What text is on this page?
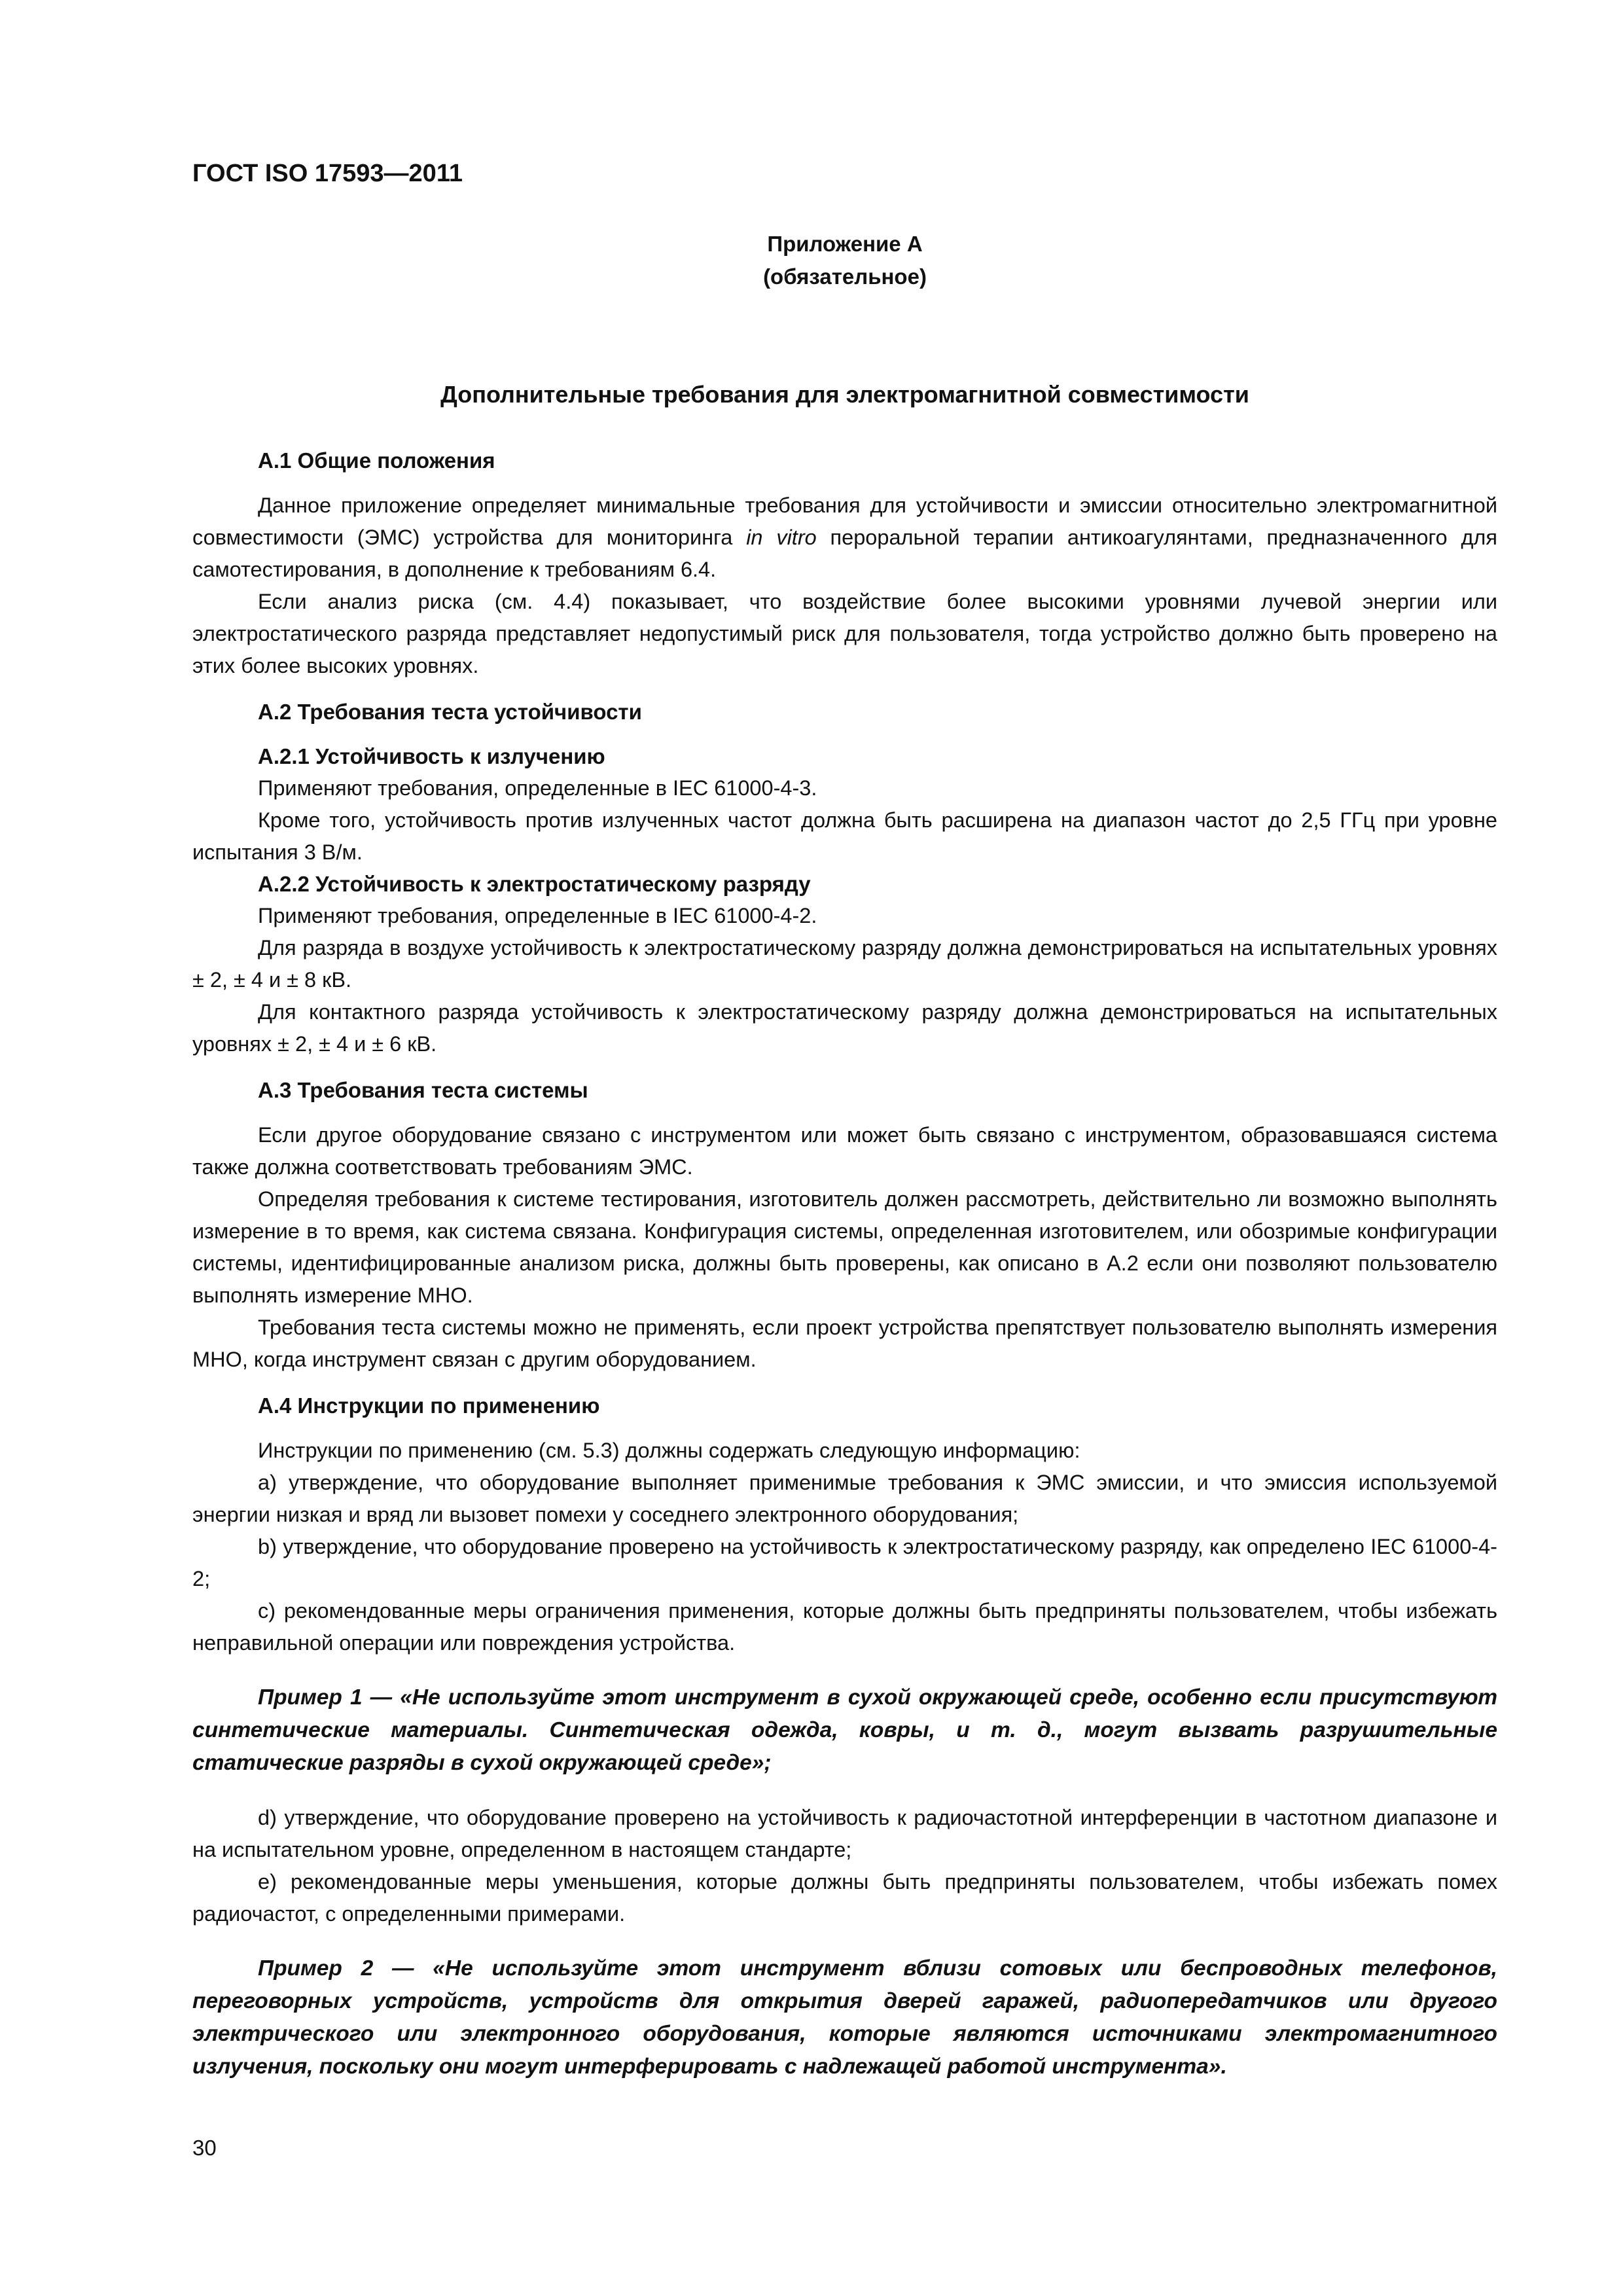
ГОСТ ISO 17593—2011
Приложение А
(обязательное)
Дополнительные требования для электромагнитной совместимости
А.1 Общие положения

Данное приложение определяет минимальные требования для устойчивости и эмиссии относительно электромагнитной совместимости (ЭМС) устройства для мониторинга in vitro пероральной терапии антикоагулянтами, предназначенного для самотестирования, в дополнение к требованиям 6.4.

Если анализ риска (см. 4.4) показывает, что воздействие более высокими уровнями лучевой энергии или электростатического разряда представляет недопустимый риск для пользователя, тогда устройство должно быть проверено на этих более высоких уровнях.

А.2 Требования теста устойчивости
А.2.1 Устойчивость к излучению

Применяют требования, определенные в IEC 61000-4-3.

Кроме того, устойчивость против излученных частот должна быть расширена на диапазон частот до 2,5 ГГц при уровне испытания 3 В/м.

А.2.2 Устойчивость к электростатическому разряду

Применяют требования, определенные в IEC 61000-4-2.

Для разряда в воздухе устойчивость к электростатическому разряду должна демонстрироваться на испытательных уровнях ± 2, ± 4 и ± 8 кВ.

Для контактного разряда устойчивость к электростатическому разряду должна демонстрироваться на испытательных уровнях ± 2, ± 4 и ± 6 кВ.

А.3 Требования теста системы

Если другое оборудование связано с инструментом или может быть связано с инструментом, образовавшаяся система также должна соответствовать требованиям ЭМС.

Определяя требования к системе тестирования, изготовитель должен рассмотреть, действительно ли возможно выполнять измерение в то время, как система связана. Конфигурация системы, определенная изготовителем, или обозримые конфигурации системы, идентифицированные анализом риска, должны быть проверены, как описано в А.2 если они позволяют пользователю выполнять измерение МНО.

Требования теста системы можно не применять, если проект устройства препятствует пользователю выполнять измерения МНО, когда инструмент связан с другим оборудованием.

А.4 Инструкции по применению

Инструкции по применению (см. 5.3) должны содержать следующую информацию:

a) утверждение, что оборудование выполняет применимые требования к ЭМС эмиссии, и что эмиссия используемой энергии низкая и вряд ли вызовет помехи у соседнего электронного оборудования;

b) утверждение, что оборудование проверено на устойчивость к электростатическому разряду, как определено IEC 61000-4-2;

c) рекомендованные меры ограничения применения, которые должны быть предприняты пользователем, чтобы избежать неправильной операции или повреждения устройства.

Пример 1 — «Не используйте этот инструмент в сухой окружающей среде, особенно если присутствуют синтетические материалы. Синтетическая одежда, ковры, и т. д., могут вызвать разрушительные статические разряды в сухой окружающей среде»;

d) утверждение, что оборудование проверено на устойчивость к радиочастотной интерференции в частотном диапазоне и на испытательном уровне, определенном в настоящем стандарте;

e) рекомендованные меры уменьшения, которые должны быть предприняты пользователем, чтобы избежать помех радиочастот, с определенными примерами.

Пример 2 — «Не используйте этот инструмент вблизи сотовых или беспроводных телефонов, переговорных устройств, устройств для открытия дверей гаражей, радиопередатчиков или другого электрического или электронного оборудования, которые являются источниками электромагнитного излучения, поскольку они могут интерферировать с надлежащей работой инструмента».

30
